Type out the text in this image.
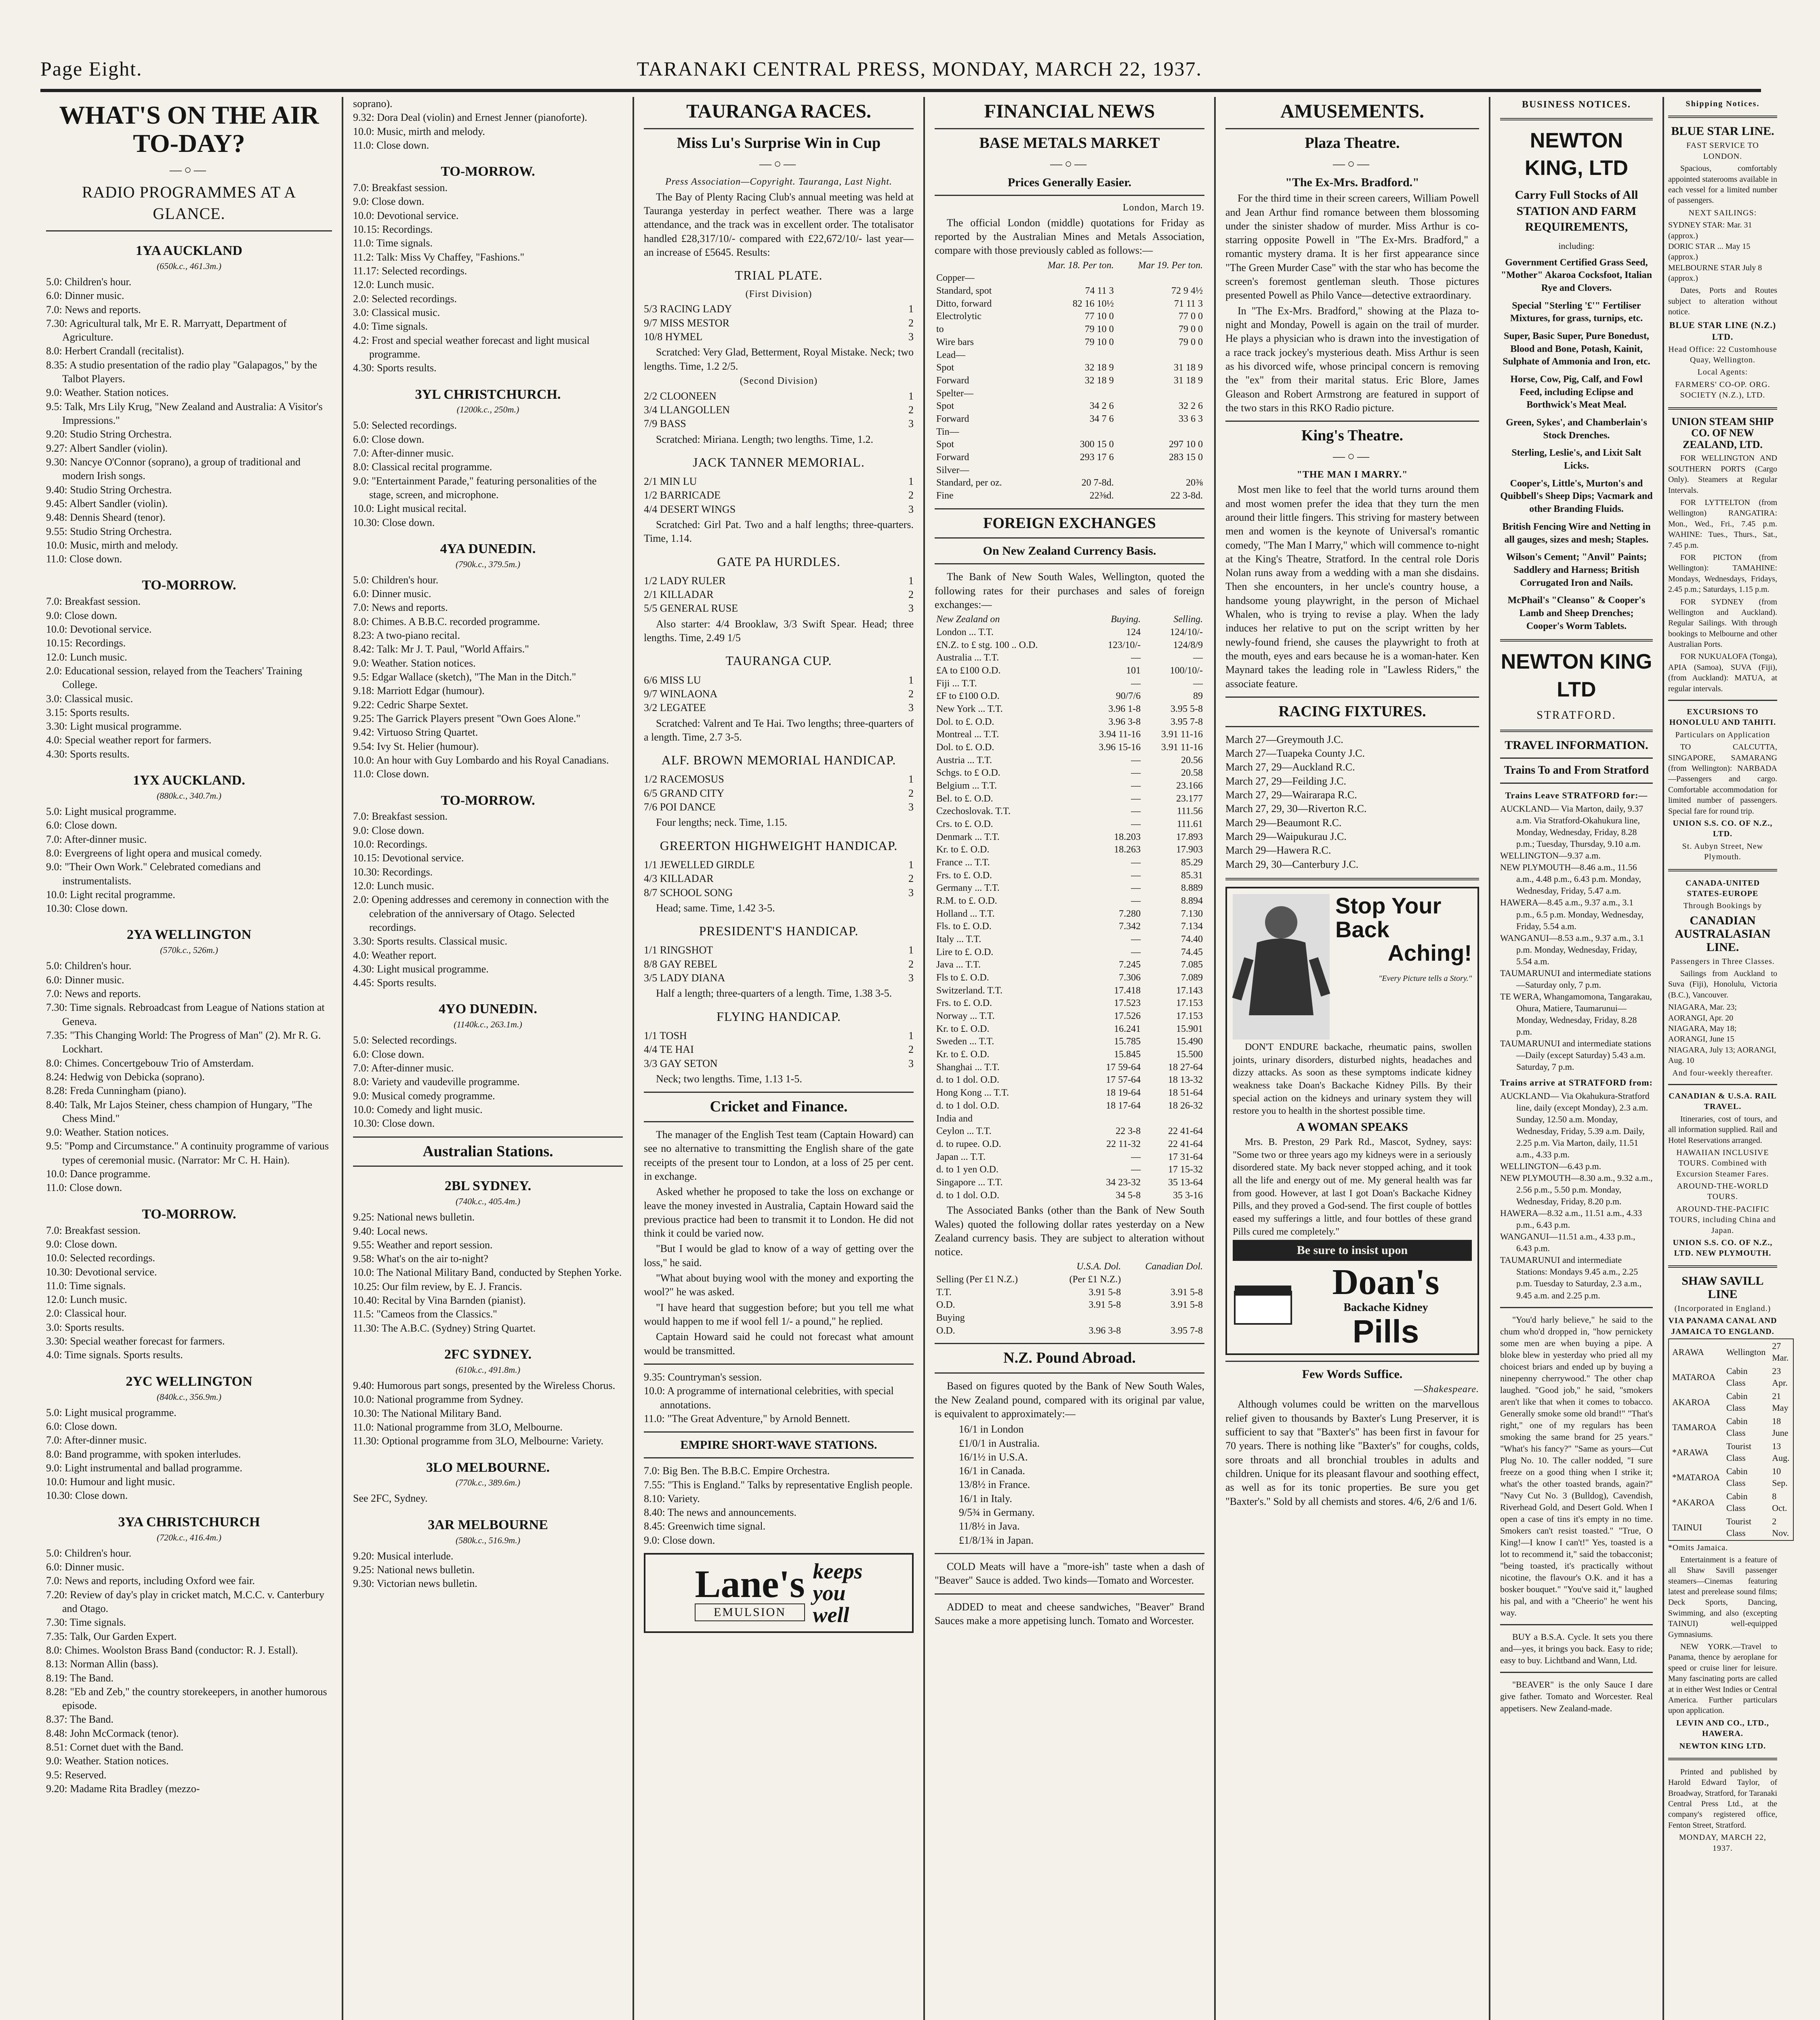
Page Eight.	TARANAKI CENTRAL PRESS, MONDAY, MARCH 22, 1937.
WHAT'S ON THE AIR TO-DAY?
—○—
RADIO PROGRAMMES AT A GLANCE.
1YA AUCKLAND
(650k.c., 461.3m.)

5.0: Children's hour.

6.0: Dinner music.

7.0: News and reports.

7.30: Agricultural talk, Mr E. R. Marryatt, Department of Agriculture.

8.0: Herbert Crandall (recitalist).

8.35: A studio presentation of the radio play "Galapagos," by the Talbot Players.

9.0: Weather. Station notices.

9.5: Talk, Mrs Lily Krug, "New Zealand and Australia: A Visitor's Impressions."

9.20: Studio String Orchestra.

9.27: Albert Sandler (violin).

9.30: Nancye O'Connor (soprano), a group of traditional and modern Irish songs.

9.40: Studio String Orchestra.

9.45: Albert Sandler (violin).

9.48: Dennis Sheard (tenor).

9.55: Studio String Orchestra.

10.0: Music, mirth and melody.

11.0: Close down.

TO-MORROW.

7.0: Breakfast session.

9.0: Close down.

10.0: Devotional service.

10.15: Recordings.

12.0: Lunch music.

2.0: Educational session, relayed from the Teachers' Training College.

3.0: Classical music.

3.15: Sports results.

3.30: Light musical programme.

4.0: Special weather report for farmers.

4.30: Sports results.

1YX AUCKLAND.
(880k.c., 340.7m.)

5.0: Light musical programme.

6.0: Close down.

7.0: After-dinner music.

8.0: Evergreens of light opera and musical comedy.

9.0: "Their Own Work." Celebrated comedians and instrumentalists.

10.0: Light recital programme.

10.30: Close down.

2YA WELLINGTON
(570k.c., 526m.)

5.0: Children's hour.

6.0: Dinner music.

7.0: News and reports.

7.30: Time signals. Rebroadcast from League of Nations station at Geneva.

7.35: "This Changing World: The Progress of Man" (2). Mr R. G. Lockhart.

8.0: Chimes. Concertgebouw Trio of Amsterdam.

8.24: Hedwig von Debicka (soprano).

8.28: Freda Cunningham (piano).

8.40: Talk, Mr Lajos Steiner, chess champion of Hungary, "The Chess Mind."

9.0: Weather. Station notices.

9.5: "Pomp and Circumstance." A continuity programme of various types of ceremonial music. (Narrator: Mr C. H. Hain).

10.0: Dance programme.

11.0: Close down.

TO-MORROW.

7.0: Breakfast session.

9.0: Close down.

10.0: Selected recordings.

10.30: Devotional service.

11.0: Time signals.

12.0: Lunch music.

2.0: Classical hour.

3.0: Sports results.

3.30: Special weather forecast for farmers.

4.0: Time signals. Sports results.

2YC WELLINGTON
(840k.c., 356.9m.)

5.0: Light musical programme.

6.0: Close down.

7.0: After-dinner music.

8.0: Band programme, with spoken interludes.

9.0: Light instrumental and ballad programme.

10.0: Humour and light music.

10.30: Close down.

3YA CHRISTCHURCH
(720k.c., 416.4m.)

5.0: Children's hour.

6.0: Dinner music.

7.0: News and reports, including Oxford wee fair.

7.20: Review of day's play in cricket match, M.C.C. v. Canterbury and Otago.

7.30: Time signals.

7.35: Talk, Our Garden Expert.

8.0: Chimes. Woolston Brass Band (conductor: R. J. Estall).

8.13: Norman Allin (bass).

8.19: The Band.

8.28: "Eb and Zeb," the country storekeepers, in another humorous episode.

8.37: The Band.

8.48: John McCormack (tenor).

8.51: Cornet duet with the Band.

9.0: Weather. Station notices.

9.5: Reserved.

9.20: Madame Rita Bradley (mezzo-

soprano).

9.32: Dora Deal (violin) and Ernest Jenner (pianoforte).

10.0: Music, mirth and melody.

11.0: Close down.

TO-MORROW.

7.0: Breakfast session.

9.0: Close down.

10.0: Devotional service.

10.15: Recordings.

11.0: Time signals.

11.2: Talk: Miss Vy Chaffey, "Fashions."

11.17: Selected recordings.

12.0: Lunch music.

2.0: Selected recordings.

3.0: Classical music.

4.0: Time signals.

4.2: Frost and special weather forecast and light musical programme.

4.30: Sports results.

3YL CHRISTCHURCH.
(1200k.c., 250m.)

5.0: Selected recordings.

6.0: Close down.

7.0: After-dinner music.

8.0: Classical recital programme.

9.0: "Entertainment Parade," featuring personalities of the stage, screen, and microphone.

10.0: Light musical recital.

10.30: Close down.

4YA DUNEDIN.
(790k.c., 379.5m.)

5.0: Children's hour.

6.0: Dinner music.

7.0: News and reports.

8.0: Chimes. A B.B.C. recorded programme.

8.23: A two-piano recital.

8.42: Talk: Mr J. T. Paul, "World Affairs."

9.0: Weather. Station notices.

9.5: Edgar Wallace (sketch), "The Man in the Ditch."

9.18: Marriott Edgar (humour).

9.22: Cedric Sharpe Sextet.

9.25: The Garrick Players present "Own Goes Alone."

9.42: Virtuoso String Quartet.

9.54: Ivy St. Helier (humour).

10.0: An hour with Guy Lombardo and his Royal Canadians.

11.0: Close down.

TO-MORROW.

7.0: Breakfast session.

9.0: Close down.

10.0: Recordings.

10.15: Devotional service.

10.30: Recordings.

12.0: Lunch music.

2.0: Opening addresses and ceremony in connection with the celebration of the anniversary of Otago. Selected recordings.

3.30: Sports results. Classical music.

4.0: Weather report.

4.30: Light musical programme.

4.45: Sports results.

4YO DUNEDIN.
(1140k.c., 263.1m.)

5.0: Selected recordings.

6.0: Close down.

7.0: After-dinner music.

8.0: Variety and vaudeville programme.

9.0: Musical comedy programme.

10.0: Comedy and light music.

10.30: Close down.

Australian Stations.
2BL SYDNEY.
(740k.c., 405.4m.)

9.25: National news bulletin.

9.40: Local news.

9.55: Weather and report session.

9.58: What's on the air to-night?

10.0: The National Military Band, conducted by Stephen Yorke.

10.25: Our film review, by E. J. Francis.

10.40: Recital by Vina Barnden (pianist).

11.5: "Cameos from the Classics."

11.30: The A.B.C. (Sydney) String Quartet.

2FC SYDNEY.
(610k.c., 491.8m.)

9.40: Humorous part songs, presented by the Wireless Chorus.

10.0: National programme from Sydney.

10.30: The National Military Band.

11.0: National programme from 3LO, Melbourne.

11.30: Optional programme from 3LO, Melbourne: Variety.

3LO MELBOURNE.
(770k.c., 389.6m.)

See 2FC, Sydney.

3AR MELBOURNE
(580k.c., 516.9m.)

9.20: Musical interlude.

9.25: National news bulletin.

9.30: Victorian news bulletin.

TAURANGA RACES.
Miss Lu's Surprise Win in Cup
—○—
Press Association—Copyright. Tauranga, Last Night.

The Bay of Plenty Racing Club's annual meeting was held at Tauranga yesterday in perfect weather. There was a large attendance, and the track was in excellent order. The totalisator handled £28,317/10/- compared with £22,672/10/- last year—an increase of £5645. Results:

TRIAL PLATE.
(First Division)
5/3 RACING LADY	1
9/7 MISS MESTOR	2
10/8 HYMEL	3

Scratched: Very Glad, Betterment, Royal Mistake. Neck; two lengths. Time, 1.2 2/5.

(Second Division)
2/2 CLOONEEN	1
3/4 LLANGOLLEN	2
7/9 BASS	3

Scratched: Miriana. Length; two lengths. Time, 1.2.

JACK TANNER MEMORIAL.
2/1 MIN LU	1
1/2 BARRICADE	2
4/4 DESERT WINGS	3

Scratched: Girl Pat. Two and a half lengths; three-quarters. Time, 1.14.

GATE PA HURDLES.
1/2 LADY RULER	1
2/1 KILLADAR	2
5/5 GENERAL RUSE	3

Also starter: 4/4 Brooklaw, 3/3 Swift Spear. Head; three lengths. Time, 2.49 1/5

TAURANGA CUP.
6/6 MISS LU	1
9/7 WINLAONA	2
3/2 LEGATEE	3

Scratched: Valrent and Te Hai. Two lengths; three-quarters of a length. Time, 2.7 3-5.

ALF. BROWN MEMORIAL HANDICAP.
1/2 RACEMOSUS	1
6/5 GRAND CITY	2
7/6 POI DANCE	3

Four lengths; neck. Time, 1.15.

GREERTON HIGHWEIGHT HANDICAP.
1/1 JEWELLED GIRDLE	1
4/3 KILLADAR	2
8/7 SCHOOL SONG	3

Head; same. Time, 1.42 3-5.

PRESIDENT'S HANDICAP.
1/1 RINGSHOT	1
8/8 GAY REBEL	2
3/5 LADY DIANA	3

Half a length; three-quarters of a length. Time, 1.38 3-5.

FLYING HANDICAP.
1/1 TOSH	1
4/4 TE HAI	2
3/3 GAY SETON	3

Neck; two lengths. Time, 1.13 1-5.

Cricket and Finance.

The manager of the English Test team (Captain Howard) can see no alternative to transmitting the English share of the gate receipts of the present tour to London, at a loss of 25 per cent. in exchange.

Asked whether he proposed to take the loss on exchange or leave the money invested in Australia, Captain Howard said the previous practice had been to transmit it to London. He did not think it could be varied now.

"But I would be glad to know of a way of getting over the loss," he said.

"What about buying wool with the money and exporting the wool?" he was asked.

"I have heard that suggestion before; but you tell me what would happen to me if wool fell 1/- a pound," he replied.

Captain Howard said he could not forecast what amount would be transmitted.

9.35: Countryman's session.

10.0: A programme of international celebrities, with special annotations.

11.0: "The Great Adventure," by Arnold Bennett.

EMPIRE SHORT-WAVE STATIONS.

7.0: Big Ben. The B.B.C. Empire Orchestra.

7.55: "This is England." Talks by representative English people.

8.10: Variety.

8.40: The news and announcements.

8.45: Greenwich time signal.

9.0: Close down.

Lane's
EMULSION
keeps
you
well
FINANCIAL NEWS
BASE METALS MARKET
—○—
Prices Generally Easier.
London, March 19.

The official London (middle) quotations for Friday as reported by the Australian Mines and Metals Association, compare with those previously cabled as follows:—

	Mar. 18. Per ton.	Mar 19. Per ton.
Copper—		
Standard, spot	74 11 3	72 9 4½
Ditto, forward	82 16 10½	71 11 3
Electrolytic	77 10 0	77 0 0
to	79 10 0	79 0 0
Wire bars	79 10 0	79 0 0
Lead—		
Spot	32 18 9	31 18 9
Forward	32 18 9	31 18 9
Spelter—		
Spot	34 2 6	32 2 6
Forward	34 7 6	33 6 3
Tin—		
Spot	300 15 0	297 10 0
Forward	293 17 6	283 15 0
Silver—		
Standard, per oz.	20 7-8d.	20⅜
Fine	22⅜d.	22 3-8d.
FOREIGN EXCHANGES
On New Zealand Currency Basis.

The Bank of New South Wales, Wellington, quoted the following rates for their purchases and sales of foreign exchanges:—

New Zealand on	Buying.	Selling.
London ... T.T.	124	124/10/-
£N.Z. to £ stg. 100 .. O.D.	123/10/-	124/8/9
Australia ... T.T.	—	—
£A to £100 O.D.	101	100/10/-
Fiji ... T.T.	—	—
£F to £100 O.D.	90/7/6	89
New York ... T.T.	3.96 1-8	3.95 5-8
Dol. to £. O.D.	3.96 3-8	3.95 7-8
Montreal ... T.T.	3.94 11-16	3.91 11-16
Dol. to £. O.D.	3.96 15-16	3.91 11-16
Austria ... T.T.	—	20.56
Schgs. to £ O.D.	—	20.58
Belgium ... T.T.	—	23.166
Bel. to £. O.D.	—	23.177
Czechoslovak. T.T.	—	111.56
Crs. to £. O.D.	—	111.61
Denmark ... T.T.	18.203	17.893
Kr. to £. O.D.	18.263	17.903
France ... T.T.	—	85.29
Frs. to £. O.D.	—	85.31
Germany ... T.T.	—	8.889
R.M. to £. O.D.	—	8.894
Holland ... T.T.	7.280	7.130
Fls. to £. O.D.	7.342	7.134
Italy ... T.T.	—	74.40
Lire to £. O.D.	—	74.45
Java ... T.T.	7.245	7.085
Fls to £. O.D.	7.306	7.089
Switzerland. T.T.	17.418	17.143
Frs. to £. O.D.	17.523	17.153
Norway ... T.T.	17.526	17.153
Kr. to £. O.D.	16.241	15.901
Sweden ... T.T.	15.785	15.490
Kr. to £. O.D.	15.845	15.500
Shanghai ... T.T.	17 59-64	18 27-64
d. to 1 dol. O.D.	17 57-64	18 13-32
Hong Kong ... T.T.	18 19-64	18 51-64
d. to 1 dol. O.D.	18 17-64	18 26-32
India and		
Ceylon ... T.T.	22 3-8	22 41-64
d. to rupee. O.D.	22 11-32	22 41-64
Japan ... T.T.	—	17 31-64
d. to 1 yen O.D.	—	17 15-32
Singapore ... T.T.	34 23-32	35 13-64
d. to 1 dol. O.D.	34 5-8	35 3-16

The Associated Banks (other than the Bank of New South Wales) quoted the following dollar rates yesterday on a New Zealand currency basis. They are subject to alteration without notice.

	U.S.A. Dol.	Canadian Dol.
Selling (Per £1 N.Z.)	(Per £1 N.Z.)	
T.T.	3.91 5-8	3.91 5-8
O.D.	3.91 5-8	3.91 5-8
Buying		
O.D.	3.96 3-8	3.95 7-8
N.Z. Pound Abroad.

Based on figures quoted by the Bank of New South Wales, the New Zealand pound, compared with its original par value, is equivalent to approximately:—

16/1 in London
£1/0/1 in Australia.
16/1½ in U.S.A.
16/1 in Canada.
13/8½ in France.
16/1 in Italy.
9/5¾ in Germany.
11/8½ in Java.
£1/8/1¾ in Japan.

COLD Meats will have a "more-ish" taste when a dash of "Beaver" Sauce is added. Two kinds—Tomato and Worcester.

ADDED to meat and cheese sandwiches, "Beaver" Brand Sauces make a more appetising lunch. Tomato and Worcester.

AMUSEMENTS.
Plaza Theatre.
—○—
"The Ex-Mrs. Bradford."

For the third time in their screen careers, William Powell and Jean Arthur find romance between them blossoming under the sinister shadow of murder. Miss Arthur is co-starring opposite Powell in "The Ex-Mrs. Bradford," a romantic mystery drama. It is her first appearance since "The Green Murder Case" with the star who has become the screen's foremost gentleman sleuth. Those pictures presented Powell as Philo Vance—detective extraordinary.

In "The Ex-Mrs. Bradford," showing at the Plaza to-night and Monday, Powell is again on the trail of murder. He plays a physician who is drawn into the investigation of a race track jockey's mysterious death. Miss Arthur is seen as his divorced wife, whose principal concern is removing the "ex" from their marital status. Eric Blore, James Gleason and Robert Armstrong are featured in support of the two stars in this RKO Radio picture.

King's Theatre.
—○—
"THE MAN I MARRY."

Most men like to feel that the world turns around them and most women prefer the idea that they turn the men around their little fingers. This striving for mastery between men and women is the keynote of Universal's romantic comedy, "The Man I Marry," which will commence to-night at the King's Theatre, Stratford. In the central role Doris Nolan runs away from a wedding with a man she disdains. Then she encounters, in her uncle's country house, a handsome young playwright, in the person of Michael Whalen, who is trying to revise a play. When the lady induces her relative to put on the script written by her newly-found friend, she causes the playwright to froth at the mouth, eyes and ears because he is a woman-hater. Ken Maynard takes the leading role in "Lawless Riders," the associate feature.

RACING FIXTURES.
March 27—Greymouth J.C.
March 27—Tuapeka County J.C.
March 27, 29—Auckland R.C.
March 27, 29—Feilding J.C.
March 27, 29—Wairarapa R.C.
March 27, 29, 30—Riverton R.C.
March 29—Beaumont R.C.
March 29—Waipukurau J.C.
March 29—Hawera R.C.
March 29, 30—Canterbury J.C.
Stop Your Back
Aching!
"Every Picture tells a Story."

DON'T ENDURE backache, rheumatic pains, swollen joints, urinary disorders, disturbed nights, headaches and dizzy attacks. As soon as these symptoms indicate kidney weakness take Doan's Backache Kidney Pills. By their special action on the kidneys and urinary system they will restore you to health in the shortest possible time.

A WOMAN SPEAKS

Mrs. B. Preston, 29 Park Rd., Mascot, Sydney, says: "Some two or three years ago my kidneys were in a seriously disordered state. My back never stopped aching, and it took all the life and energy out of me. My general health was far from good. However, at last I got Doan's Backache Kidney Pills, and they proved a God-send. The first couple of bottles eased my sufferings a little, and four bottles of these grand Pills cured me completely."

Be sure to insist upon
Doan's
Backache Kidney
Pills
Few Words Suffice.
—Shakespeare.

Although volumes could be written on the marvellous relief given to thousands by Baxter's Lung Preserver, it is sufficient to say that "Baxter's" has been first in favour for 70 years. There is nothing like "Baxter's" for coughs, colds, sore throats and all bronchial troubles in adults and children. Unique for its pleasant flavour and soothing effect, as well as for its tonic properties. Be sure you get "Baxter's." Sold by all chemists and stores. 4/6, 2/6 and 1/6.

BUSINESS NOTICES.
NEWTON KING, LTD
Carry Full Stocks of All STATION AND FARM REQUIREMENTS,
including:
Government Certified Grass Seed, "Mother" Akaroa Cocksfoot, Italian Rye and Clovers.
Special "Sterling '£'" Fertiliser Mixtures, for grass, turnips, etc.
Super, Basic Super, Pure Bonedust, Blood and Bone, Potash, Kainit, Sulphate of Ammonia and Iron, etc.
Horse, Cow, Pig, Calf, and Fowl Feed, including Eclipse and Borthwick's Meat Meal.
Green, Sykes', and Chamberlain's Stock Drenches.
Sterling, Leslie's, and Lixit Salt Licks.
Cooper's, Little's, Murton's and Quibbell's Sheep Dips; Vacmark and other Branding Fluids.
British Fencing Wire and Netting in all gauges, sizes and mesh; Staples.
Wilson's Cement; "Anvil" Paints; Saddlery and Harness; British Corrugated Iron and Nails.
McPhail's "Cleanso" & Cooper's Lamb and Sheep Drenches; Cooper's Worm Tablets.
NEWTON KING LTD
STRATFORD.
TRAVEL INFORMATION.
Trains To and From Stratford
Trains Leave STRATFORD for:—

AUCKLAND— Via Marton, daily, 9.37 a.m. Via Stratford-Okahukura line, Monday, Wednesday, Friday, 8.28 p.m.; Tuesday, Thursday, 9.10 a.m.

WELLINGTON—9.37 a.m.

NEW PLYMOUTH—8.46 a.m., 11.56 a.m., 4.48 p.m., 6.43 p.m. Monday, Wednesday, Friday, 5.47 a.m.

HAWERA—8.45 a.m., 9.37 a.m., 3.1 p.m., 6.5 p.m. Monday, Wednesday, Friday, 5.54 a.m.

WANGANUI—8.53 a.m., 9.37 a.m., 3.1 p.m. Monday, Wednesday, Friday, 5.54 a.m.

TAUMARUNUI and intermediate stations—Saturday only, 7 p.m.

TE WERA, Whangamomona, Tangarakau, Ohura, Matiere, Taumarunui—Monday, Wednesday, Friday, 8.28 p.m.

TAUMARUNUI and intermediate stations—Daily (except Saturday) 5.43 a.m. Saturday, 7 p.m.

Trains arrive at STRATFORD from:

AUCKLAND— Via Okahukura-Stratford line, daily (except Monday), 2.3 a.m. Sunday, 12.50 a.m. Monday, Wednesday, Friday, 5.39 a.m. Daily, 2.25 p.m. Via Marton, daily, 11.51 a.m., 4.33 p.m.

WELLINGTON—6.43 p.m.

NEW PLYMOUTH—8.30 a.m., 9.32 a.m., 2.56 p.m., 5.50 p.m. Monday, Wednesday, Friday, 8.20 p.m.

HAWERA—8.32 a.m., 11.51 a.m., 4.33 p.m., 6.43 p.m.

WANGANUI—11.51 a.m., 4.33 p.m., 6.43 p.m.

TAUMARUNUI and intermediate Stations: Mondays 9.45 a.m., 2.25 p.m. Tuesday to Saturday, 2.3 a.m., 9.45 a.m. and 2.25 p.m.

"You'd harly believe," he said to the chum who'd dropped in, "how pernickety some men are when buying a pipe. A bloke blew in yesterday who pried all my choicest briars and ended up by buying a ninepenny cherrywood." The other chap laughed. "Good job," he said, "smokers aren't like that when it comes to tobacco. Generally smoke some old brand!" "That's right," one of my regulars has been smoking the same brand for 25 years." "What's his fancy?" "Same as yours—Cut Plug No. 10. The caller nodded, "I sure freeze on a good thing when I strike it; what's the other toasted brands, again?" "Navy Cut No. 3 (Bulldog), Cavendish, Riverhead Gold, and Desert Gold. When I open a case of tins it's empty in no time. Smokers can't resist toasted." "True, O King!—I know I can't!" Yes, toasted is a lot to recommend it," said the tobacconist; "being toasted, it's practically without nicotine, the flavour's O.K. and it has a bosker bouquet." "You've said it," laughed his pal, and with a "Cheerio" he went his way.

BUY a B.S.A. Cycle. It sets you there and—yes, it brings you back. Easy to ride; easy to buy. Lichtband and Wann, Ltd.

"BEAVER" is the only Sauce I dare give father. Tomato and Worcester. Real appetisers. New Zealand-made.

Shipping Notices.
BLUE STAR LINE.
FAST SERVICE TO LONDON.

Spacious, comfortably appointed staterooms available in each vessel for a limited number of passengers.

NEXT SAILINGS:
SYDNEY STAR: Mar. 31 (approx.)
DORIC STAR ... May 15 (approx.)
MELBOURNE STAR July 8 (approx.)

Dates, Ports and Routes subject to alteration without notice.

BLUE STAR LINE (N.Z.) LTD.
Head Office: 22 Customhouse Quay, Wellington.
Local Agents:
FARMERS' CO-OP. ORG. SOCIETY (N.Z.), LTD.
UNION STEAM SHIP CO. OF NEW ZEALAND, LTD.

FOR WELLINGTON AND SOUTHERN PORTS (Cargo Only). Steamers at Regular Intervals.

FOR LYTTELTON (from Wellington) RANGATIRA: Mon., Wed., Fri., 7.45 p.m. WAHINE: Tues., Thurs., Sat., 7.45 p.m.

FOR PICTON (from Wellington): TAMAHINE: Mondays, Wednesdays, Fridays, 2.45 p.m.; Saturdays, 1.15 p.m.

FOR SYDNEY (from Wellington and Auckland). Regular Sailings. With through bookings to Melbourne and other Australian Ports.

FOR NUKUALOFA (Tonga), APIA (Samoa), SUVA (Fiji), (from Auckland): MATUA, at regular intervals.

EXCURSIONS TO HONOLULU AND TAHITI.
Particulars on Application

TO CALCUTTA, SINGAPORE, SAMARANG (from Wellington): NARBADA—Passengers and cargo. Comfortable accommodation for limited number of passengers. Special fare for round trip.

UNION S.S. CO. OF N.Z., LTD.
St. Aubyn Street, New Plymouth.
CANADA-UNITED STATES-EUROPE
Through Bookings by
CANADIAN AUSTRALASIAN LINE.
Passengers in Three Classes.

Sailings from Auckland to Suva (Fiji), Honolulu, Victoria (B.C.), Vancouver.

NIAGARA, Mar. 23; AORANGI, Apr. 20
NIAGARA, May 18; AORANGI, June 15
NIAGARA, July 13; AORANGI, Aug. 10
And four-weekly thereafter.
CANADIAN & U.S.A. RAIL TRAVEL.

Itineraries, cost of tours, and all information supplied. Rail and Hotel Reservations arranged.

HAWAIIAN INCLUSIVE TOURS. Combined with Excursion Steamer Fares.
AROUND-THE-WORLD TOURS.
AROUND-THE-PACIFIC TOURS, including China and Japan.
UNION S.S. CO. OF N.Z., LTD. NEW PLYMOUTH.
SHAW SAVILL LINE
(Incorporated in England.)
VIA PANAMA CANAL AND JAMAICA TO ENGLAND.
ARAWA	Wellington	27 Mar.
MATAROA	Cabin Class	23 Apr.
AKAROA	Cabin Class	21 May
TAMAROA	Cabin Class	18 June
*ARAWA	Tourist Class	13 Aug.
*MATAROA	Cabin Class	10 Sep.
*AKAROA	Cabin Class	8 Oct.
TAINUI	Tourist Class	2 Nov.
*Omits Jamaica.

Entertainment is a feature of all Shaw Savill passenger steamers—Cinemas featuring latest and prerelease sound films; Deck Sports, Dancing, Swimming, and also (excepting TAINUI) well-equipped Gymnasiums.

NEW YORK.—Travel to Panama, thence by aeroplane for speed or cruise liner for leisure. Many fascinating ports are called at in either West Indies or Central America. Further particulars upon application.

LEVIN AND CO., LTD., HAWERA.
NEWTON KING LTD.

Printed and published by Harold Edward Taylor, of Broadway, Stratford, for Taranaki Central Press Ltd., at the company's registered office, Fenton Street, Stratford.

MONDAY, MARCH 22, 1937.
